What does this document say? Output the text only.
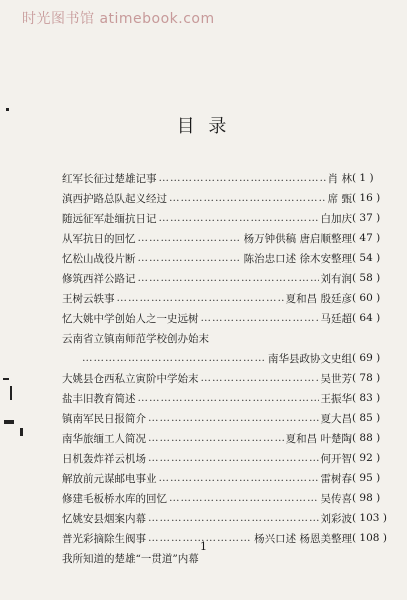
时光图书馆 atimebook.com
目 录
红军长征过楚雄记事 ……………………………………………………………………………………………………	肖 林 ( 1 )
滇西护路总队起义经过 ……………………………………………………………………………………………………	席 甄 ( 16 )
随远征军赴缅抗日记 ……………………………………………………………………………………………………	白加庆 ( 37 )
从军抗日的回忆 ……………………………………………………………………………………………………	杨万钟供稿 唐启顺整理 ( 47 )
忆松山战役片断 ……………………………………………………………………………………………………	陈治忠口述 徐木安整理 ( 54 )
修筑西祥公路记 ……………………………………………………………………………………………………	刘有润 ( 58 )
王树云轶事 ……………………………………………………………………………………………………	夏和昌 殷廷彦 ( 60 )
忆大姚中学创始人之一史远树 ……………………………………………………………………………………………………	马廷超 ( 64 )
云南省立镇南师范学校创办始末
……………………………………………………………………………………………………
南华县政协文史组 ( 69 )
大姚县仓西私立寅阶中学始末 ……………………………………………………………………………………………………	吴世芳 ( 78 )
盐丰旧教育简述 ……………………………………………………………………………………………………	王振华 ( 83 )
镇南军民日报简介 ……………………………………………………………………………………………………	夏大昌 ( 85 )
南华旅缅工人简况 ……………………………………………………………………………………………………	夏和昌 叶楚陶 ( 88 )
日机轰炸祥云机场 ……………………………………………………………………………………………………	何开智 ( 92 )
解放前元谋邮电事业 ……………………………………………………………………………………………………	雷树春 ( 95 )
修建毛板桥水库的回忆 ……………………………………………………………………………………………………	吴传喜 ( 98 )
忆姚安县烟案内幕 ……………………………………………………………………………………………………	刘彩波 ( 103 )
普光彩摘除生阀事 ……………………………………………………………………………………………………	杨兴口述 杨恩美整理 ( 108 )
我所知道的楚雄“一贯道”内幕
1
